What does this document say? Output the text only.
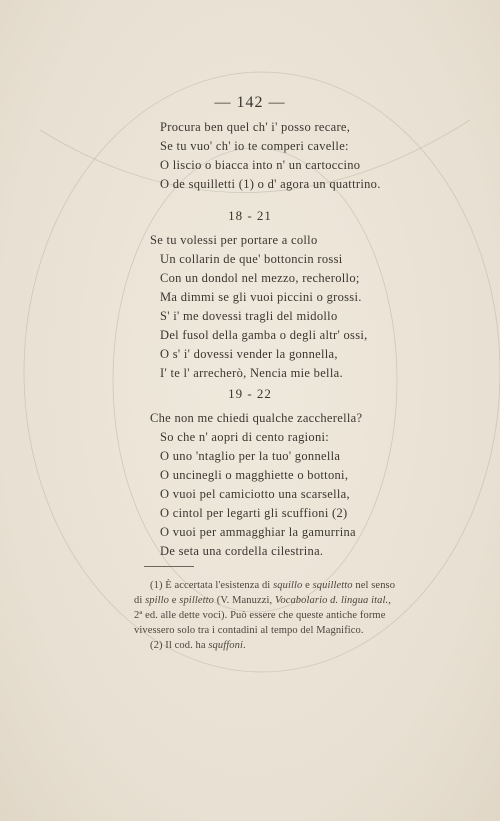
— 142 —
Procura ben quel ch' i' posso recare,
Se tu vuo' ch' io te comperi cavelle:
O liscio o biacca into n' un cartoccino
O de squilletti (1) o d' agora un quattrino.
18 - 21
Se tu volessi per portare a collo
Un collarin de que' bottoncin rossi
Con un dondol nel mezzo, recherollo;
Ma dimmi se gli vuoi piccini o grossi.
S' i' me dovessi tragli del midollo
Del fusol della gamba o degli altr' ossi,
O s' i' dovessi vender la gonnella,
I' te l' arrecherò, Nencia mie bella.
19 - 22
Che non me chiedi qualche zaccherella?
So che n' aopri di cento ragioni:
O uno 'ntaglio per la tuo' gonnella
O uncinegli o magghiette o bottoni,
O vuoi pel camiciotto una scarsella,
O cintol per legarti gli scuffioni (2)
O vuoi per ammagghiar la gamurrina
De seta una cordella cilestrina.
(1) È accertata l'esistenza di squillo e squilletto nel senso
di spillo e spilletto (V. Manuzzi, Vocabolario d. lingua ital.,
2ª ed. alle dette voci). Può essere che queste antiche forme
vivessero solo tra i contadini al tempo del Magnifico.
(2) Il cod. ha squffoni.
